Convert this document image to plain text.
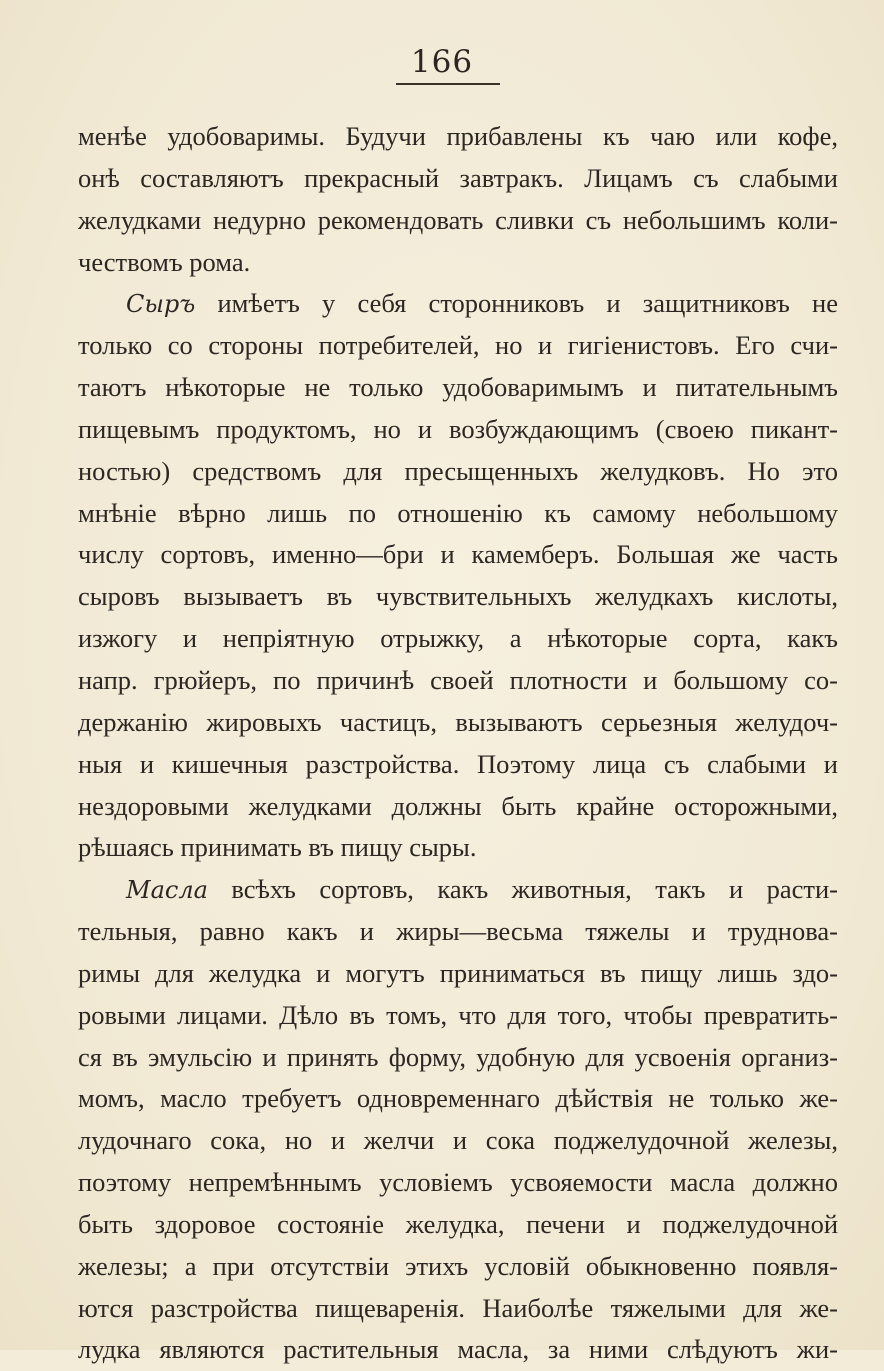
166
менѣе удобоваримы. Будучи прибавлены къ чаю или кофе,
онѣ составляютъ прекрасный завтракъ. Лицамъ съ слабыми
желудками недурно рекомендовать сливки съ небольшимъ коли-
чествомъ рома.
Сыръ имѣетъ у себя сторонниковъ и защитниковъ не
только со стороны потребителей, но и гигіенистовъ. Его счи-
таютъ нѣкоторые не только удобоваримымъ и питательнымъ
пищевымъ продуктомъ, но и возбуждающимъ (своею пикант-
ностью) средствомъ для пресыщенныхъ желудковъ. Но это
мнѣніе вѣрно лишь по отношенію къ самому небольшому
числу сортовъ, именно—бри и камемберъ. Большая же часть
сыровъ вызываетъ въ чувствительныхъ желудкахъ кислоты,
изжогу и непріятную отрыжку, а нѣкоторые сорта, какъ
напр. грюйеръ, по причинѣ своей плотности и большому со-
держанію жировыхъ частицъ, вызываютъ серьезныя желудоч-
ныя и кишечныя разстройства. Поэтому лица съ слабыми и
нездоровыми желудками должны быть крайне осторожными,
рѣшаясь принимать въ пищу сыры.
Масла всѣхъ сортовъ, какъ животныя, такъ и расти-
тельныя, равно какъ и жиры—весьма тяжелы и труднова-
римы для желудка и могутъ приниматься въ пищу лишь здо-
ровыми лицами. Дѣло въ томъ, что для того, чтобы превратить-
ся въ эмульсію и принять форму, удобную для усвоенія организ-
момъ, масло требуетъ одновременнаго дѣйствія не только же-
лудочнаго сока, но и желчи и сока поджелудочной железы,
поэтому непремѣннымъ условіемъ усвояемости масла должно
быть здоровое состояніе желудка, печени и поджелудочной
железы; а при отсутствіи этихъ условій обыкновенно появля-
ются разстройства пищеваренія. Наиболѣе тяжелыми для же-
лудка являются растительныя масла, за ними слѣдуютъ жи-
